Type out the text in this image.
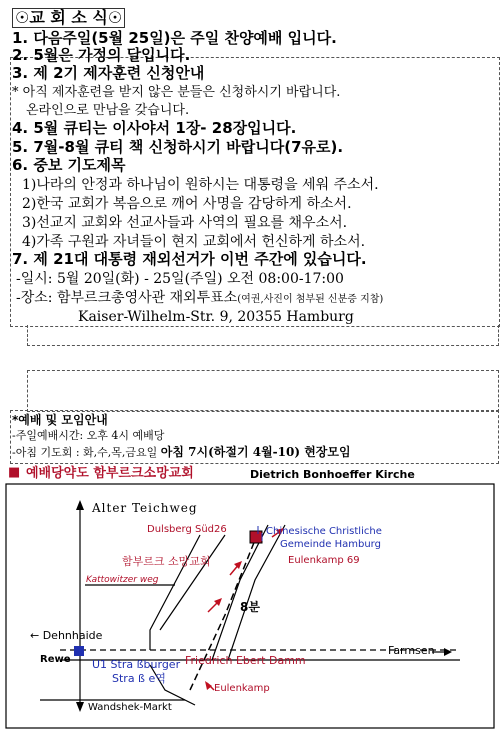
☉교 회 소 식☉
1. 다음주일(5월 25일)은 주일 찬양예배 입니다.
2. 5월은 가정의 달입니다.
3. 제 2기 제자훈련 신청안내
* 아직 제자훈련을 받지 않은 분들은 신청하시기 바랍니다.
온라인으로 만남을 갖습니다.
4. 5월 큐티는 이사야서 1장- 28장입니다.
5. 7월-8월 큐티 책 신청하시기 바랍니다(7유로).
6. 중보 기도제목
1)나라의 안정과 하나님이 원하시는 대통령을 세워 주소서.
2)한국 교회가 복음으로 깨어 사명을 감당하게 하소서.
3)선교지 교회와 선교사들과 사역의 필요를 채우소서.
4)가족 구원과 자녀들이 현지 교회에서 헌신하게 하소서.
7. 제 21대 대통령 재외선거가 이번 주간에 있습니다.
-일시: 5월 20일(화) - 25일(주일) 오전 08:00-17:00
-장소: 함부르크총영사관 재외투표소(여권,사진이 첨부된 신분증 지참)
Kaiser-Wilhelm-Str. 9, 20355 Hamburg
*예배 및 모임안내
-주일예배시간: 오후 4시 예배당
-아침 기도회 : 화,수,목,금요일 아침 7시(하절기 4월-10) 현장모임
■ 예배당약도 함부르크소망교회	Dietrich Bonhoeffer Kirche
Alter Teichweg
Dulsberg Süd26	Chinesische Christliche
Gemeinde Hamburg
함부르크 소망교회	Eulenkamp 69
Kattowitzer weg
8분
← Dehnhaide
Farmsen
Rewe U1 Stra ßburger
Stra ß e역
Friedrich Ebert Damm
Eulenkamp
Wandshek-Markt
